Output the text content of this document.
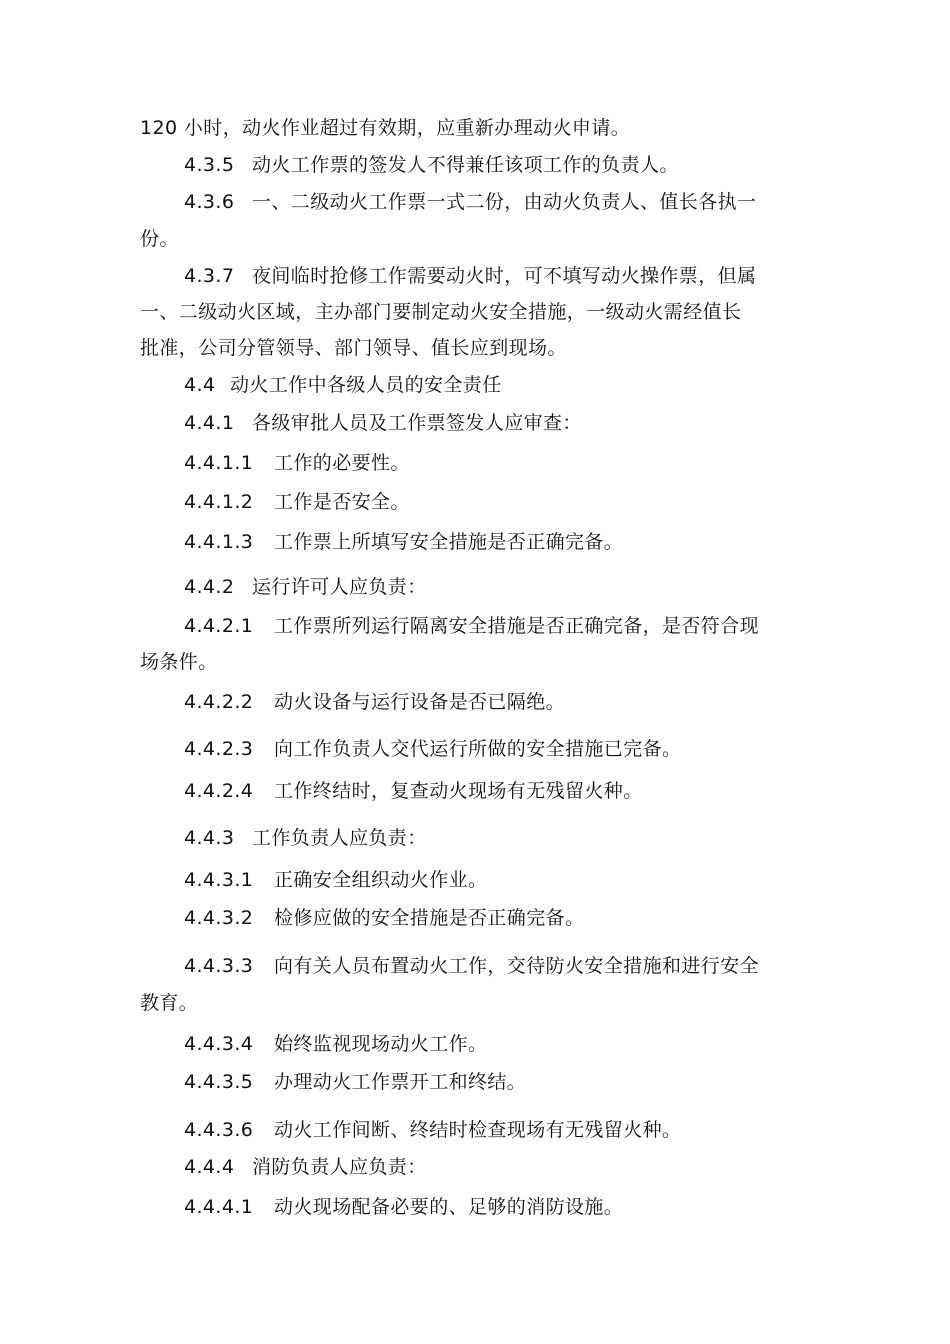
120 小时，动火作业超过有效期，应重新办理动火申请。
4.3.5 动火工作票的签发人不得兼任该项工作的负责人。
4.3.6 一、二级动火工作票一式二份，由动火负责人、值长各执一
份。
4.3.7 夜间临时抢修工作需要动火时，可不填写动火操作票，但属
一、二级动火区域，主办部门要制定动火安全措施，一级动火需经值长
批准，公司分管领导、部门领导、值长应到现场。
4.4 动火工作中各级人员的安全责任
4.4.1 各级审批人员及工作票签发人应审查：
4.4.1.1 工作的必要性。
4.4.1.2 工作是否安全。
4.4.1.3 工作票上所填写安全措施是否正确完备。
4.4.2 运行许可人应负责：
4.4.2.1 工作票所列运行隔离安全措施是否正确完备，是否符合现
场条件。
4.4.2.2 动火设备与运行设备是否已隔绝。
4.4.2.3 向工作负责人交代运行所做的安全措施已完备。
4.4.2.4 工作终结时，复查动火现场有无残留火种。
4.4.3 工作负责人应负责：
4.4.3.1 正确安全组织动火作业。
4.4.3.2 检修应做的安全措施是否正确完备。
4.4.3.3 向有关人员布置动火工作，交待防火安全措施和进行安全
教育。
4.4.3.4 始终监视现场动火工作。
4.4.3.5 办理动火工作票开工和终结。
4.4.3.6 动火工作间断、终结时检查现场有无残留火种。
4.4.4 消防负责人应负责：
4.4.4.1 动火现场配备必要的、足够的消防设施。
